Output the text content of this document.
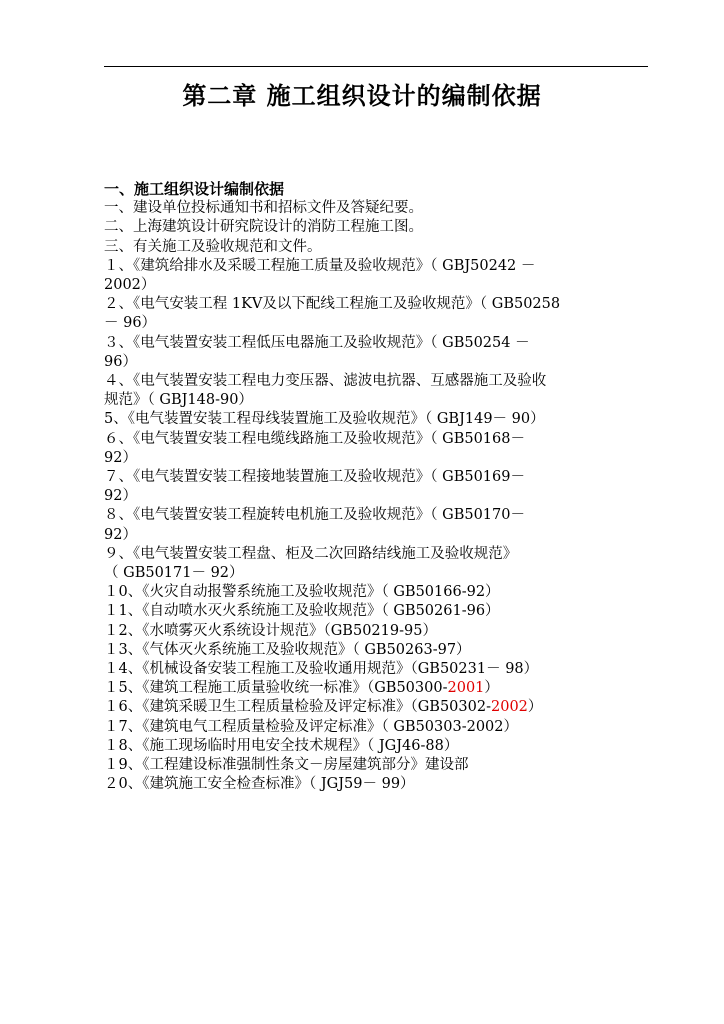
第二章 施工组织设计的编制依据
一、施工组织设计编制依据
一、建设单位投标通知书和招标文件及答疑纪要。
二、上海建筑设计研究院设计的消防工程施工图。
三、有关施工及验收规范和文件。
１、《建筑给排水及采暖工程施工质量及验收规范》（ GBJ50242 －
2002）
２、《电气安装工程 1KV及以下配线工程施工及验收规范》（ GB50258
－ 96）
３、《电气装置安装工程低压电器施工及验收规范》（ GB50254 －
96）
４、《电气装置安装工程电力变压器、滤波电抗器、互感器施工及验收
规范》（ GBJ148-90）
5、《电气装置安装工程母线装置施工及验收规范》（ GBJ149－ 90）
６、《电气装置安装工程电缆线路施工及验收规范》（ GB50168－
92）
７、《电气装置安装工程接地装置施工及验收规范》（ GB50169－
92）
８、《电气装置安装工程旋转电机施工及验收规范》（ GB50170－
92）
９、《电气装置安装工程盘、柜及二次回路结线施工及验收规范》
（ GB50171－ 92）
１0、《火灾自动报警系统施工及验收规范》（ GB50166-92）
１1、《自动喷水灭火系统施工及验收规范》（ GB50261-96）
１2、《水喷雾灭火系统设计规范》（GB50219-95）
１3、《气体灭火系统施工及验收规范》（ GB50263-97）
１4、《机械设备安装工程施工及验收通用规范》（GB50231－ 98）
１5、《建筑工程施工质量验收统一标准》（GB50300-2001）
１6、《建筑采暖卫生工程质量检验及评定标准》（GB50302-2002）
１7、《建筑电气工程质量检验及评定标准》（ GB50303-2002）
１8、《施工现场临时用电安全技术规程》（ JGJ46-88）
１9、《工程建设标准强制性条文－房屋建筑部分》建设部
２0、《建筑施工安全检查标准》（ JGJ59－ 99）
